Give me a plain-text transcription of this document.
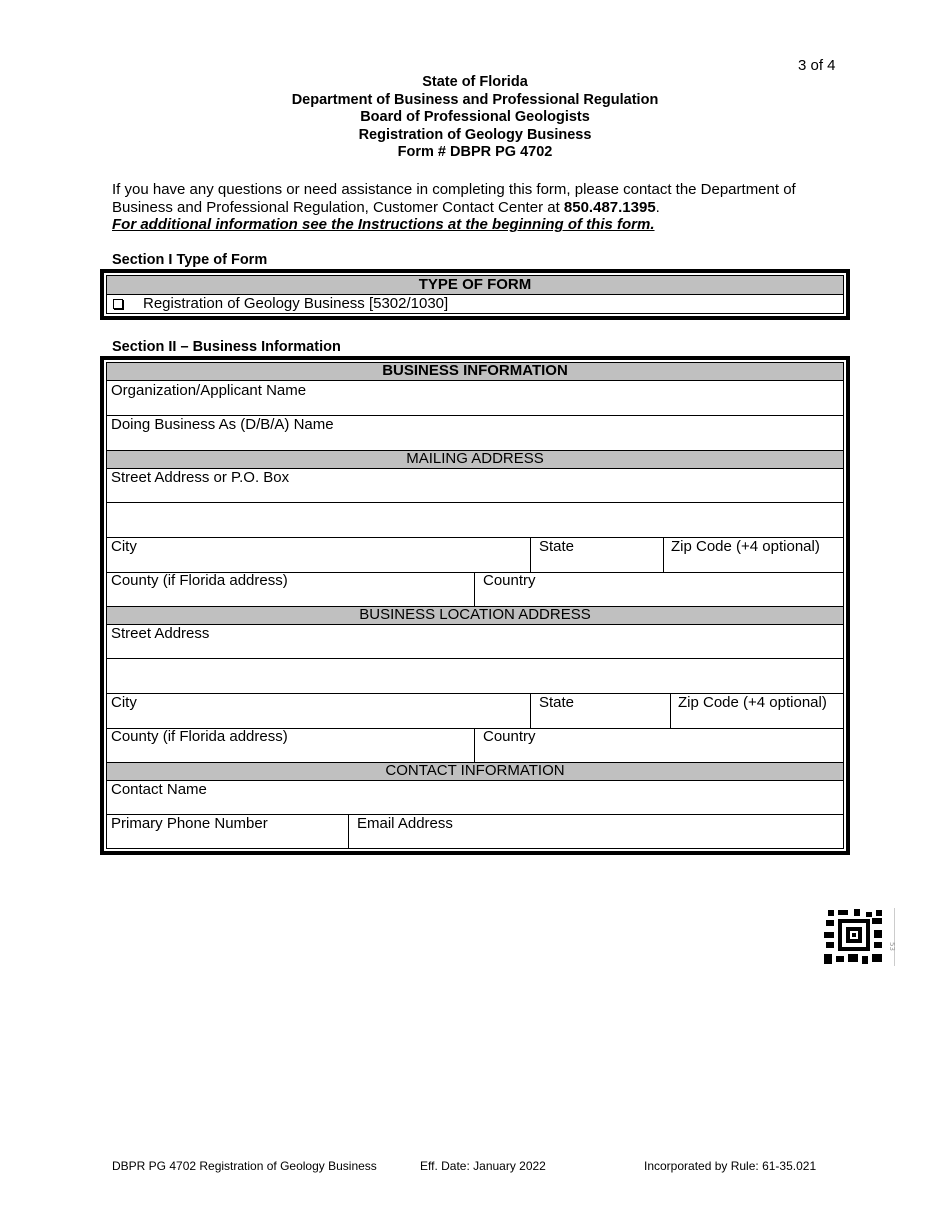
3 of 4
State of Florida
Department of Business and Professional Regulation
Board of Professional Geologists
Registration of Geology Business
Form # DBPR PG 4702
If you have any questions or need assistance in completing this form, please contact the Department of Business and Professional Regulation, Customer Contact Center at 850.487.1395.
For additional information see the Instructions at the beginning of this form.
Section I Type of Form
TYPE OF FORM
Registration of Geology Business [5302/1030]
Section II – Business Information
BUSINESS INFORMATION
Organization/Applicant Name
Doing Business As (D/B/A) Name
MAILING ADDRESS
Street Address or P.O. Box
City	State	Zip Code (+4 optional)
County (if Florida address)	Country
BUSINESS LOCATION ADDRESS
Street Address
City	State	Zip Code (+4 optional)
County (if Florida address)	Country
CONTACT INFORMATION
Contact Name
Primary Phone Number	Email Address
53
DBPR PG 4702 Registration of Geology Business	Eff. Date: January 2022	Incorporated by Rule: 61-35.021
